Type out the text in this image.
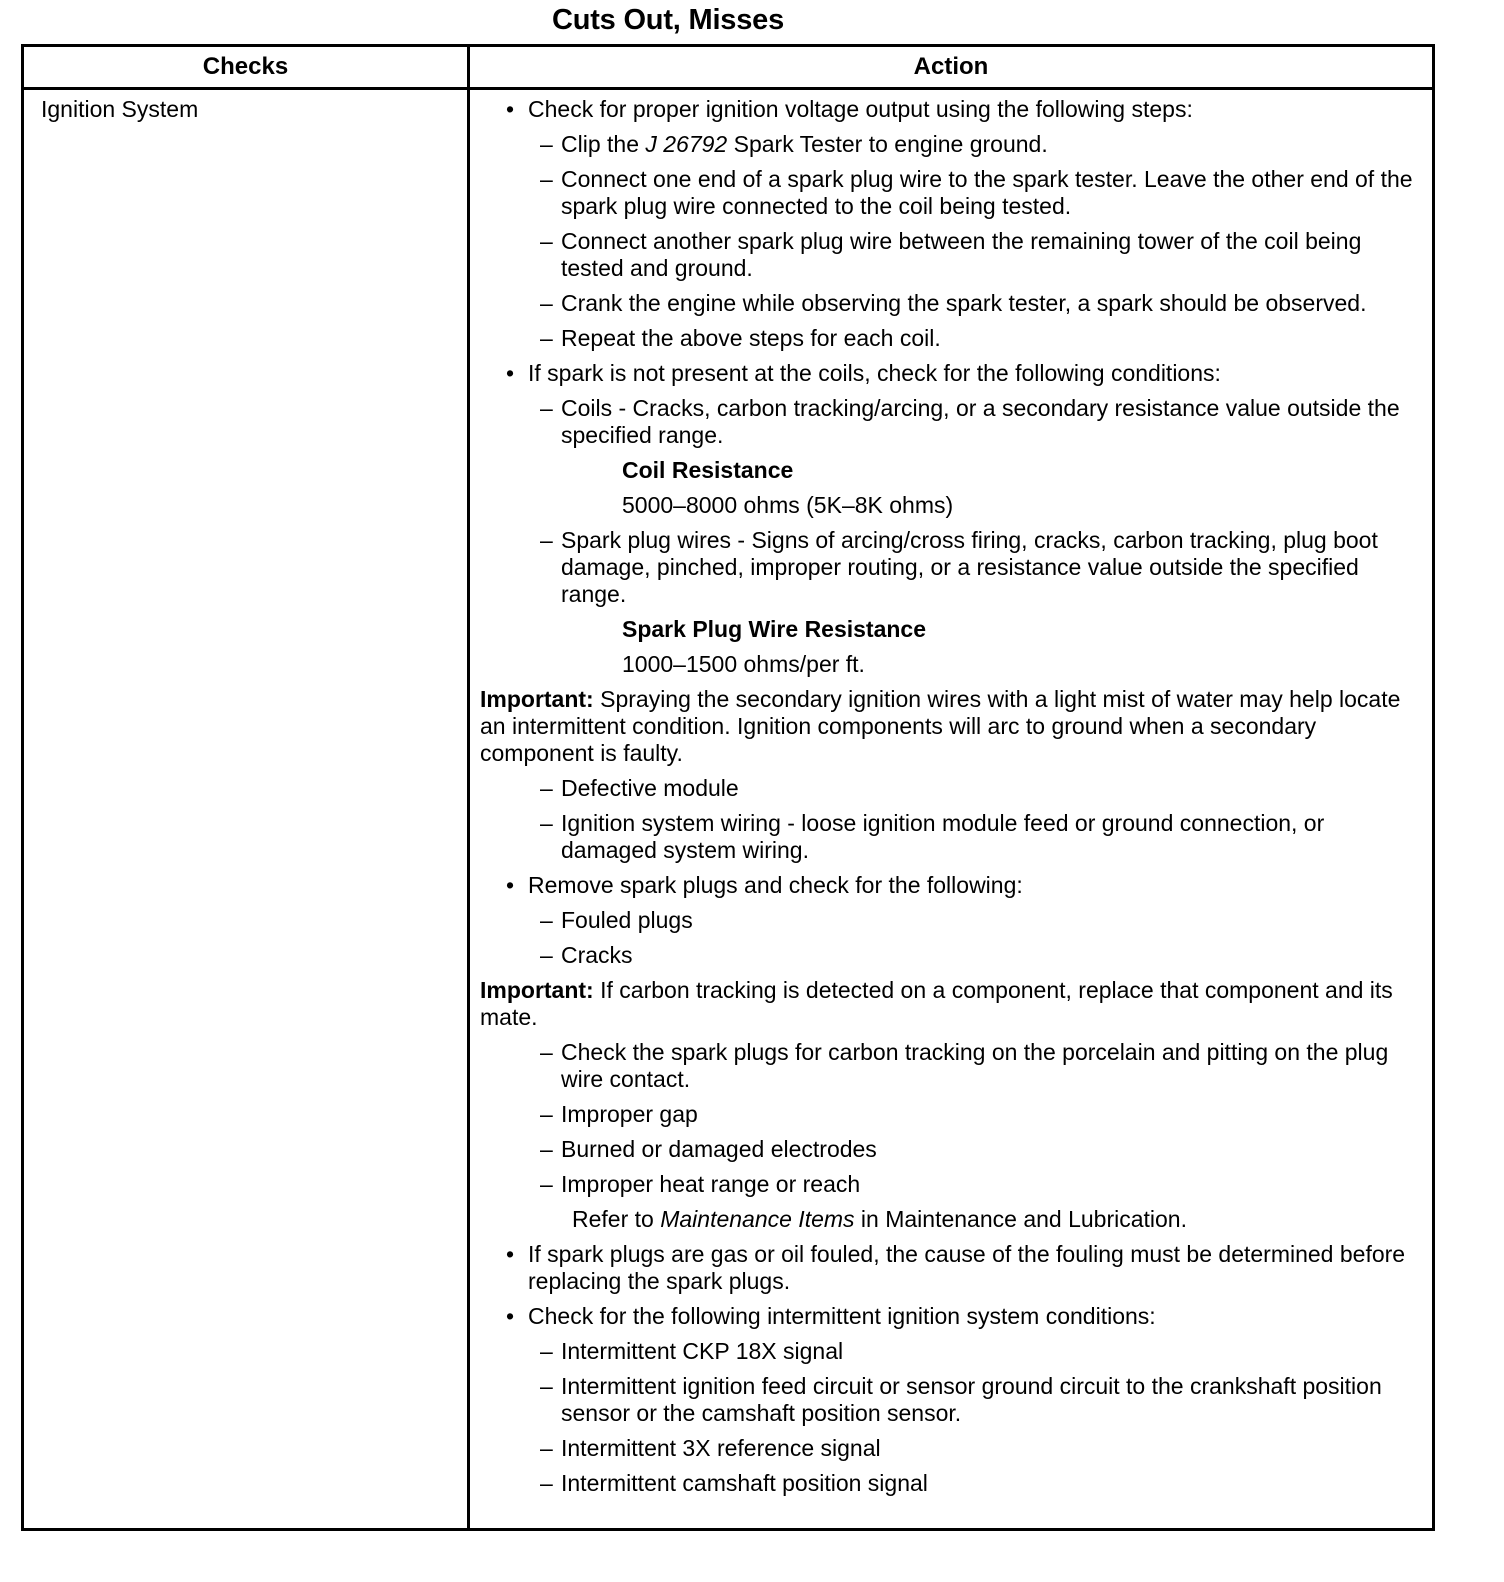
Cuts Out, Misses
Checks	Action
Ignition System
•	Check for proper ignition voltage output using the following steps:
– Clip the J 26792 Spark Tester to engine ground.
– Connect one end of a spark plug wire to the spark tester. Leave the other end of the spark plug wire connected to the coil being tested.
– Connect another spark plug wire between the remaining tower of the coil being tested and ground.
– Crank the engine while observing the spark tester, a spark should be observed.
– Repeat the above steps for each coil.
• If spark is not present at the coils, check for the following conditions:
– Coils - Cracks, carbon tracking/arcing, or a secondary resistance value outside the specified range.
Coil Resistance
5000–8000 ohms (5K–8K ohms)
– Spark plug wires - Signs of arcing/cross firing, cracks, carbon tracking, plug boot damage, pinched, improper routing, or a resistance value outside the specified range.
Spark Plug Wire Resistance
1000–1500 ohms/per ft.
Important: Spraying the secondary ignition wires with a light mist of water may help locate an intermittent condition. Ignition components will arc to ground when a secondary component is faulty.
– Defective module
– Ignition system wiring - loose ignition module feed or ground connection, or damaged system wiring.
• Remove spark plugs and check for the following:
– Fouled plugs
– Cracks
Important: If carbon tracking is detected on a component, replace that component and its mate.
– Check the spark plugs for carbon tracking on the porcelain and pitting on the plug wire contact.
– Improper gap
– Burned or damaged electrodes
– Improper heat range or reach
Refer to Maintenance Items in Maintenance and Lubrication.
• If spark plugs are gas or oil fouled, the cause of the fouling must be determined before replacing the spark plugs.
• Check for the following intermittent ignition system conditions:
– Intermittent CKP 18X signal
– Intermittent ignition feed circuit or sensor ground circuit to the crankshaft position sensor or the camshaft position sensor.
– Intermittent 3X reference signal
– Intermittent camshaft position signal
